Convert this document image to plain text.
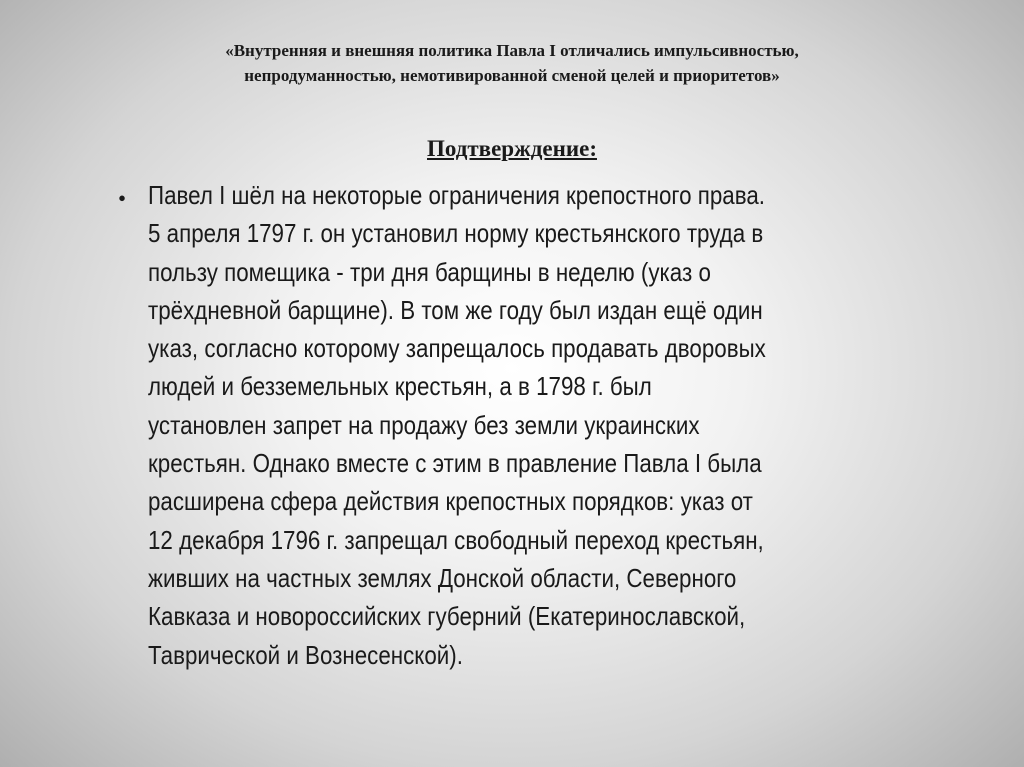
«Внутренняя и внешняя политика Павла I отличались импульсивностью,
непродуманностью, немотивированной сменой целей и приоритетов»
Подтверждение:
• Павел I шёл на некоторые ограничения крепостного права.
5 апреля 1797 г. он установил норму крестьянского труда в
пользу помещика - три дня барщины в неделю (указ о
трёхдневной барщине). В том же году был издан ещё один
указ, согласно которому запрещалось продавать дворовых
людей и безземельных крестьян, а в 1798 г. был
установлен запрет на продажу без земли украинских
крестьян. Однако вместе с этим в правление Павла I была
расширена сфера действия крепостных порядков: указ от
12 декабря 1796 г. запрещал свободный переход крестьян,
живших на частных землях Донской области, Северного
Кавказа и новороссийских губерний (Екатеринославской,
Таврической и Вознесенской).
